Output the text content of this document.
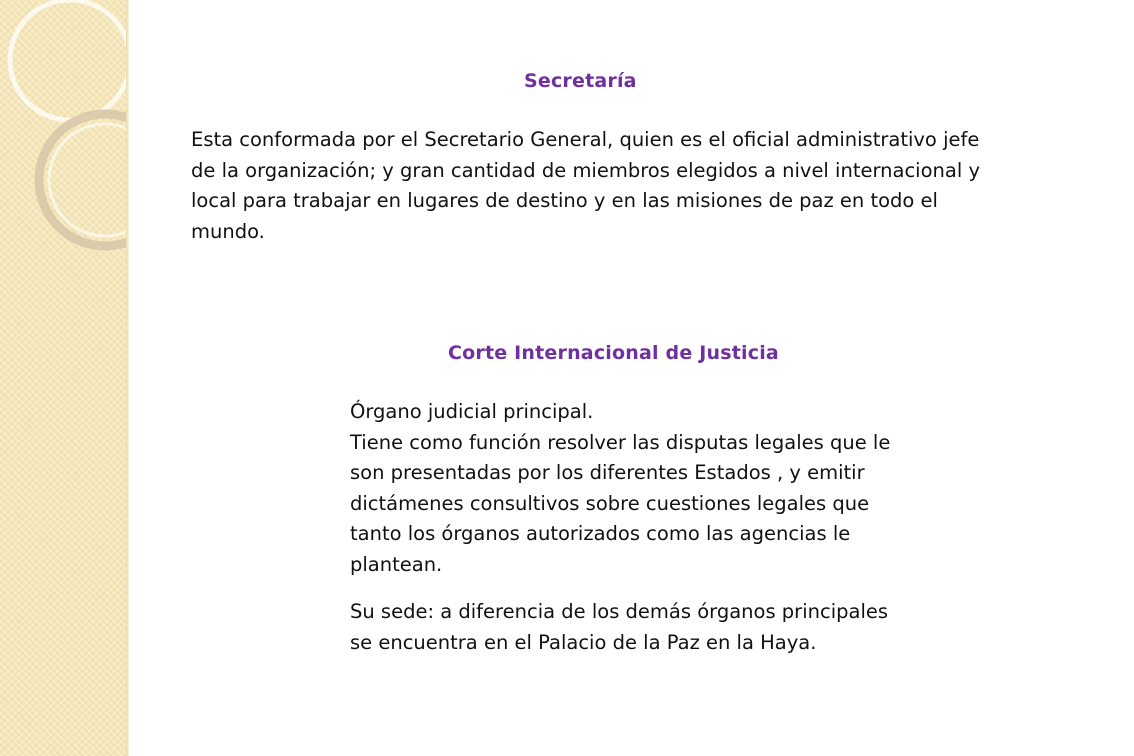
Secretaría

Esta conformada por el Secretario General, quien es el oficial administrativo jefe
de la organización; y gran cantidad de miembros elegidos a nivel internacional y
local para trabajar en lugares de destino y en las misiones de paz en todo el
mundo.

Corte Internacional de Justicia

Órgano judicial principal.
Tiene como función resolver las disputas legales que le
son presentadas por los diferentes Estados , y emitir
dictámenes consultivos sobre cuestiones legales que
tanto los órganos autorizados como las agencias le
plantean.

Su sede: a diferencia de los demás órganos principales
se encuentra en el Palacio de la Paz en la Haya.
